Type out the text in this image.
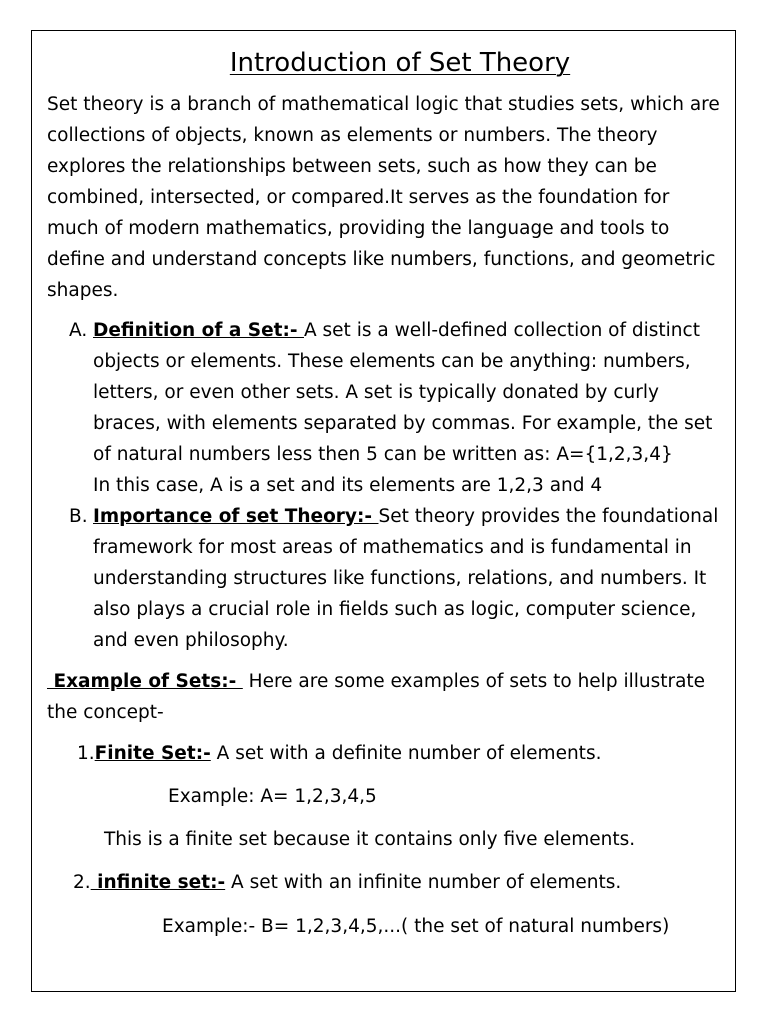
Introduction of Set Theory

Set theory is a branch of mathematical logic that studies sets, which are collections of objects, known as elements or numbers. The theory explores the relationships between sets, such as how they can be combined, intersected, or compared.It serves as the foundation for much of modern mathematics, providing the language and tools to define and understand concepts like numbers, functions, and geometric shapes.

A. Definition of a Set:- A set is a well-defined collection of distinct objects or elements. These elements can be anything: numbers, letters, or even other sets. A set is typically donated by curly braces, with elements separated by commas. For example, the set of natural numbers less then 5 can be written as: A={1,2,3,4}
In this case, A is a set and its elements are 1,2,3 and 4
B. Importance of set Theory:- Set theory provides the foundational framework for most areas of mathematics and is fundamental in understanding structures like functions, relations, and numbers. It also plays a crucial role in fields such as logic, computer science, and even philosophy.

Example of Sets:-  Here are some examples of sets to help illustrate the concept-

1.Finite Set:- A set with a definite number of elements.

Example: A= 1,2,3,4,5

This is a finite set because it contains only five elements.

2. infinite set:- A set with an infinite number of elements.

Example:- B= 1,2,3,4,5,...( the set of natural numbers)
